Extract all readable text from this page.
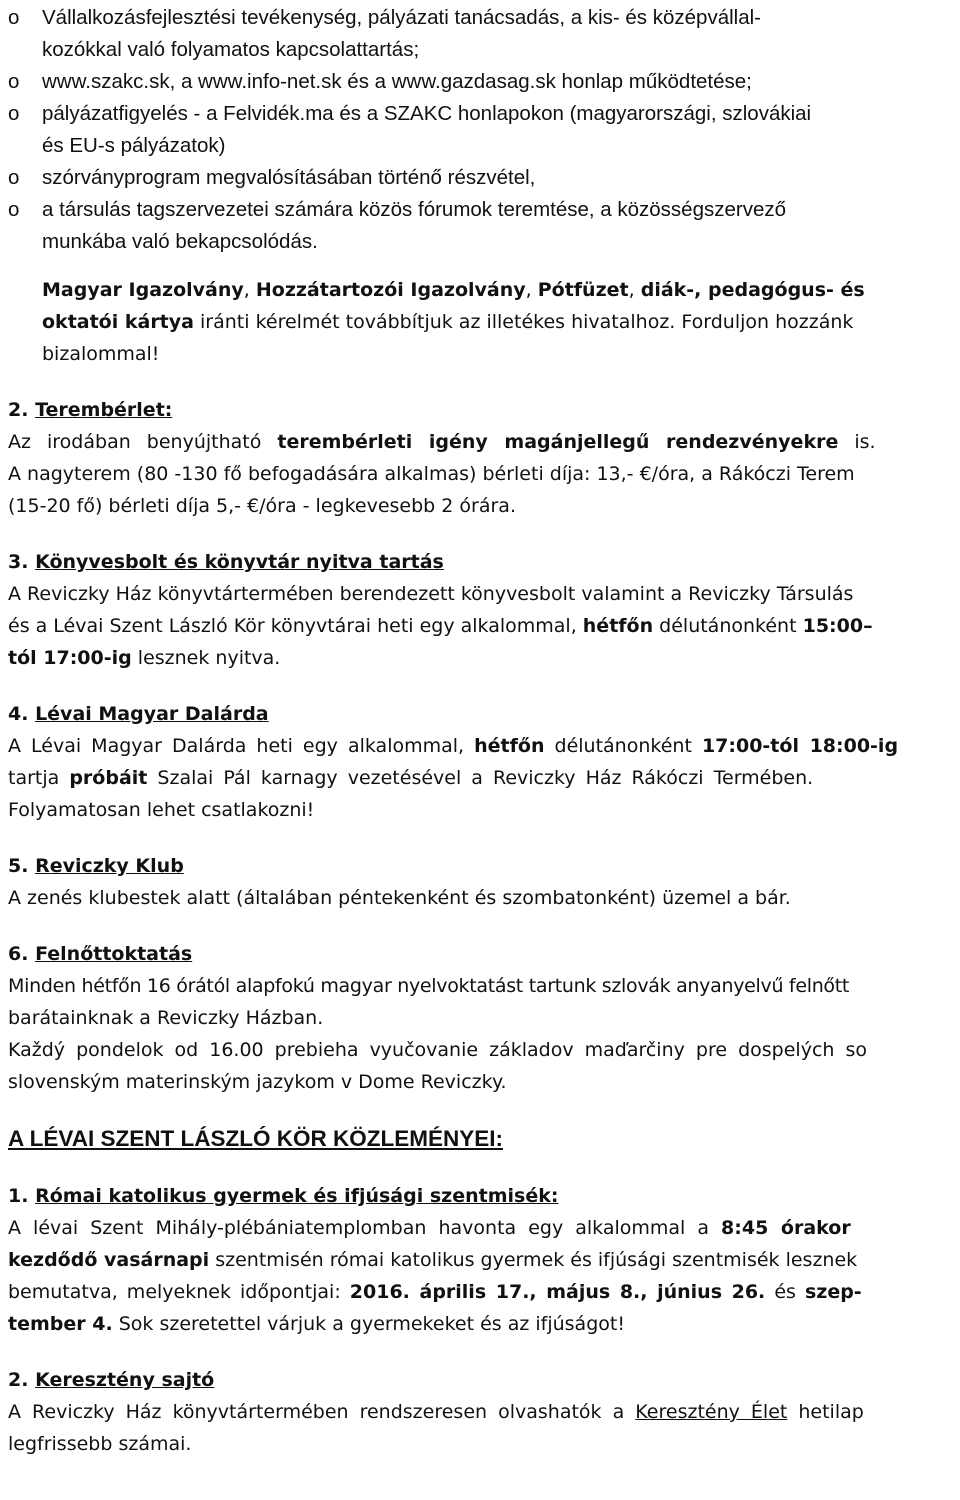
o Vállalkozásfejlesztési tevékenység, pályázati tanácsadás, a kis- és középvállal-
kozókkal való folyamatos kapcsolattartás;

o www.szakc.sk, a www.info-net.sk és a www.gazdasag.sk honlap működtetése;

o pályázatfigyelés - a Felvidék.ma és a SZAKC honlapokon (magyarországi, szlovákiai
és EU-s pályázatok)

o szórványprogram megvalósításában történő részvétel,

o a társulás tagszervezetei számára közös fórumok teremtése, a közösségszervező
munkába való bekapcsolódás.

Magyar Igazolvány, Hozzátartozói Igazolvány, Pótfüzet, diák-, pedagógus- és
oktatói kártya iránti kérelmét továbbítjuk az illetékes hivatalhoz. Forduljon hozzánk
bizalommal!

2. Terembérlet:

Az irodában benyújtható terembérleti igény magánjellegű rendezvényekre is.

A nagyterem (80 -130 fő befogadására alkalmas) bérleti díja: 13,- €/óra, a Rákóczi Terem

(15-20 fő) bérleti díja 5,- €/óra - legkevesebb 2 órára.

3. Könyvesbolt és könyvtár nyitva tartás

A Reviczky Ház könyvtártermében berendezett könyvesbolt valamint a Reviczky Társulás

és a Lévai Szent László Kör könyvtárai heti egy alkalommal, hétfőn délutánonként 15:00–

tól 17:00-ig lesznek nyitva.

4. Lévai Magyar Dalárda

A Lévai Magyar Dalárda heti egy alkalommal, hétfőn délutánonként 17:00-tól 18:00-ig

tartja próbáit Szalai Pál karnagy vezetésével a Reviczky Ház Rákóczi Termében.

Folyamatosan lehet csatlakozni!

5. Reviczky Klub

A zenés klubestek alatt (általában péntekenként és szombatonként) üzemel a bár.

6. Felnőttoktatás

Minden hétfőn 16 órától alapfokú magyar nyelvoktatást tartunk szlovák anyanyelvű felnőtt

barátainknak a Reviczky Házban.

Každý pondelok od 16.00 prebieha vyučovanie základov maďarčiny pre dospelých so

slovenským materinským jazykom v Dome Reviczky.

A LÉVAI SZENT LÁSZLÓ KÖR KÖZLEMÉNYEI:

1. Római katolikus gyermek és ifjúsági szentmisék:

A lévai Szent Mihály-plébániatemplomban havonta egy alkalommal a 8:45 órakor

kezdődő vasárnapi szentmisén római katolikus gyermek és ifjúsági szentmisék lesznek

bemutatva, melyeknek időpontjai: 2016. április 17., május 8., június 26. és szep-

tember 4. Sok szeretettel várjuk a gyermekeket és az ifjúságot!

2. Keresztény sajtó

A Reviczky Ház könyvtártermében rendszeresen olvashatók a Keresztény Élet hetilap

legfrissebb számai.
